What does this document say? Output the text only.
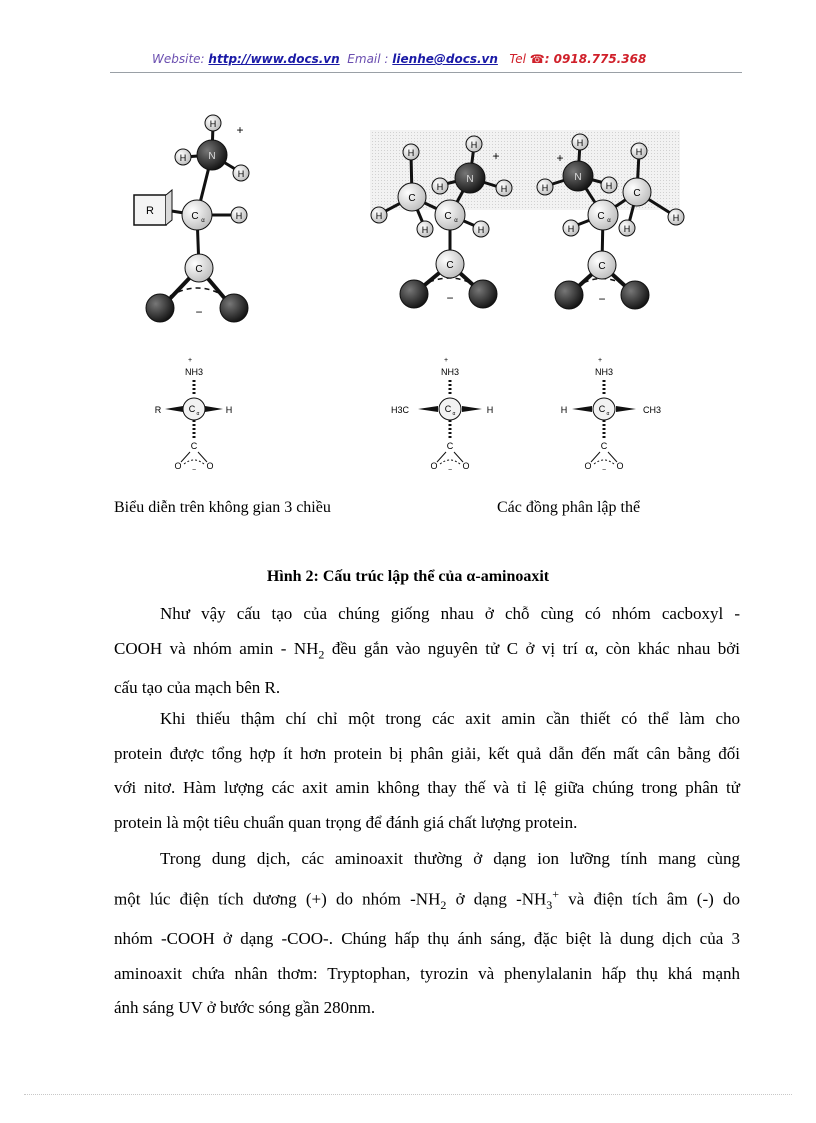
Website: http://www.docs.vn Email : lienhe@docs.vn Tel ☎: 0918.775.368
R
N
H
H
H
+
C α	H
C
−
N
H
H	H
+
C
H
H
H
C α
H
C
−
N
H
H	H
+
C
H
H
H
C α
H
C
−
+
NH3
C α
R	H
C
O	O
−
+
NH3
C α
H3C	H
C
O	O
−
+
NH3
C α
H	CH3
C
O	O
−
Biểu diễn trên không gian 3 chiều	Các đồng phân lập thể
Hình 2: Cấu trúc lập thể của α-aminoaxit
Như vậy cấu tạo của chúng giống nhau ở chỗ cùng có nhóm cacboxyl -
COOH và nhóm amin - $NH_2$ đều gắn vào nguyên tử C ở vị trí α, còn khác nhau bởi
cấu tạo của mạch bên R.
Khi thiếu thậm chí chỉ một trong các axit amin cần thiết có thể làm cho
protein được tổng hợp ít hơn protein bị phân giải, kết quả dẫn đến mất cân bằng đối
với nitơ. Hàm lượng các axit amin không thay thế và tỉ lệ giữa chúng trong phân tử
protein là một tiêu chuẩn quan trọng để đánh giá chất lượng protein.
Trong dung dịch, các aminoaxit thường ở dạng ion lưỡng tính mang cùng
một lúc điện tích dương (+) do nhóm $-NH_2$ ở dạng $-NH_3^+$ và điện tích âm (-) do
nhóm -COOH ở dạng -COO-. Chúng hấp thụ ánh sáng, đặc biệt là dung dịch của 3
aminoaxit chứa nhân thơm: Tryptophan, tyrozin và phenylalanin hấp thụ khá mạnh
ánh sáng UV ở bước sóng gần 280nm.
